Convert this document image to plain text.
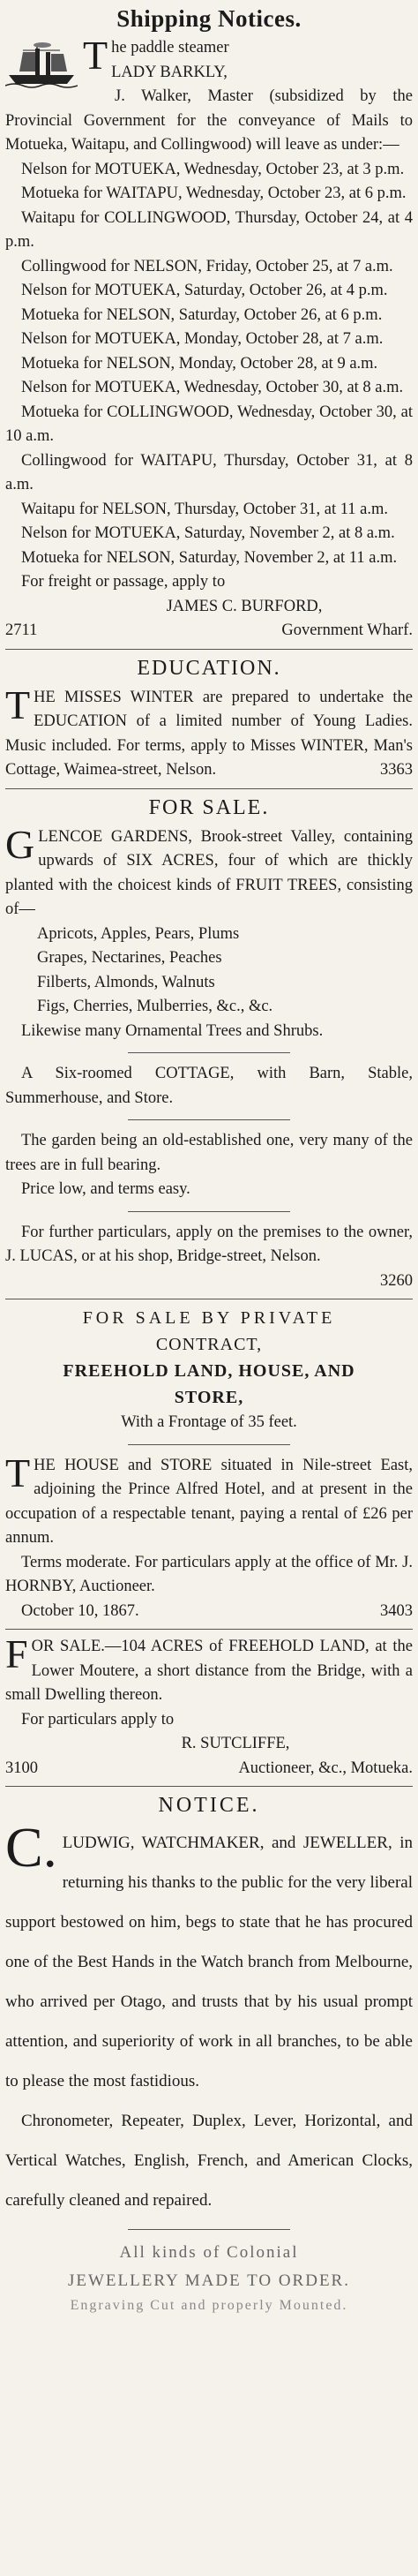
Shipping Notices.

T he paddle steamer

LADY BARKLY,

J. Walker, Master (subsidized by the Provincial Government for the conveyance of Mails to Motueka, Waitapu, and Collingwood) will leave as under:—

Nelson for MOTUEKA, Wednesday, October 23, at 3 p.m.

Motueka for WAITAPU, Wednesday, October 23, at 6 p.m.

Waitapu for COLLINGWOOD, Thursday, October 24, at 4 p.m.

Collingwood for NELSON, Friday, October 25, at 7 a.m.

Nelson for MOTUEKA, Saturday, October 26, at 4 p.m.

Motueka for NELSON, Saturday, October 26, at 6 p.m.

Nelson for MOTUEKA, Monday, October 28, at 7 a.m.

Motueka for NELSON, Monday, October 28, at 9 a.m.

Nelson for MOTUEKA, Wednesday, October 30, at 8 a.m.

Motueka for COLLINGWOOD, Wednesday, October 30, at 10 a.m.

Collingwood for WAITAPU, Thursday, October 31, at 8 a.m.

Waitapu for NELSON, Thursday, October 31, at 11 a.m.

Nelson for MOTUEKA, Saturday, November 2, at 8 a.m.

Motueka for NELSON, Saturday, November 2, at 11 a.m.

For freight or passage, apply to

JAMES C. BURFORD,

2711	Government Wharf.
EDUCATION.

T HE MISSES WINTER are prepared to undertake the EDUCATION of a limited number of Young Ladies. Music included. For terms, apply to Misses WINTER, Man's Cottage, Waimea-street, Nelson.	3363

FOR SALE.

G LENCOE GARDENS, Brook-street Valley, containing upwards of SIX ACRES, four of which are thickly planted with the choicest kinds of FRUIT TREES, consisting of—

Apricots, Apples, Pears, Plums

Grapes, Nectarines, Peaches

Filberts, Almonds, Walnuts

Figs, Cherries, Mulberries, &c., &c.

Likewise many Ornamental Trees and Shrubs.

A Six-roomed COTTAGE, with Barn, Stable, Summerhouse, and Store.

The garden being an old-established one, very many of the trees are in full bearing.

Price low, and terms easy.

For further particulars, apply on the premises to the owner, J. LUCAS, or at his shop, Bridge-street, Nelson.

3260
FOR SALE BY PRIVATE
CONTRACT,
FREEHOLD LAND, HOUSE, AND
STORE,

With a Frontage of 35 feet.

T HE HOUSE and STORE situated in Nile-street East, adjoining the Prince Alfred Hotel, and at present in the occupation of a respectable tenant, paying a rental of £26 per annum.

Terms moderate. For particulars apply at the office of Mr. J. HORNBY, Auctioneer.

October 10, 1867.	3403

F OR SALE.—104 ACRES of FREEHOLD LAND, at the Lower Moutere, a short distance from the Bridge, with a small Dwelling thereon.

For particulars apply to

R. SUTCLIFFE,

3100	Auctioneer, &c., Motueka.
NOTICE.

C. LUDWIG, WATCHMAKER, and JEWELLER, in returning his thanks to the public for the very liberal support bestowed on him, begs to state that he has procured one of the Best Hands in the Watch branch from Melbourne, who arrived per Otago, and trusts that by his usual prompt attention, and superiority of work in all branches, to be able to please the most fastidious.

Chronometer, Repeater, Duplex, Lever, Horizontal, and Vertical Watches, English, French, and American Clocks, carefully cleaned and repaired.

All kinds of Colonial
JEWELLERY MADE TO ORDER.
Engraving Cut and properly Mounted.
